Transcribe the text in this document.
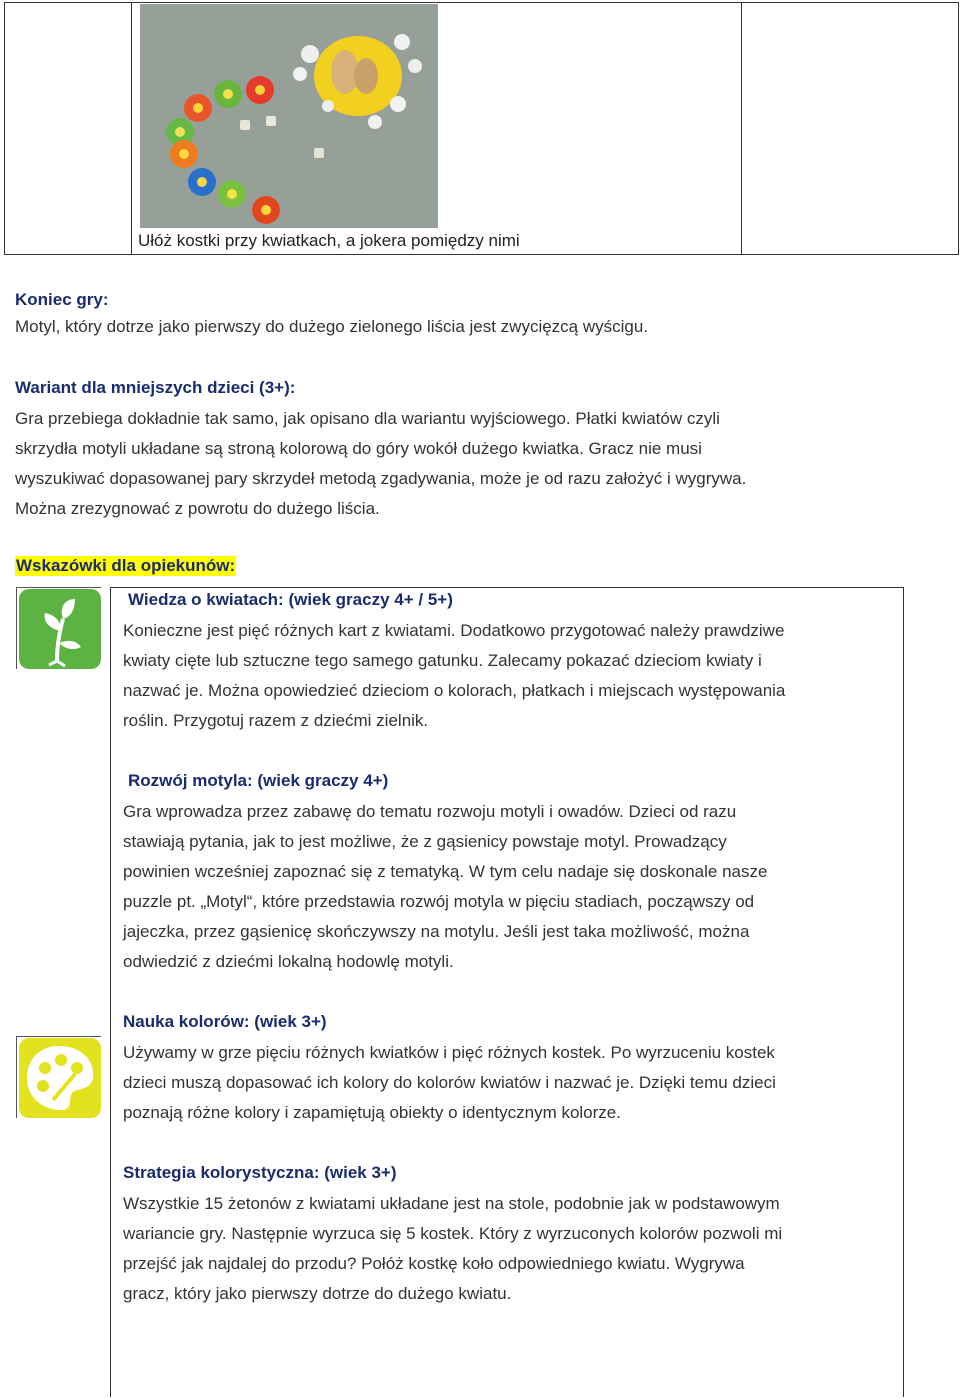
Ułóż kostki przy kwiatkach, a jokera pomiędzy nimi
Koniec gry:
Motyl, który dotrze jako pierwszy do dużego zielonego liścia jest zwycięzcą wyścigu.
Wariant dla mniejszych dzieci (3+):
Gra przebiega dokładnie tak samo, jak opisano dla wariantu wyjściowego. Płatki kwiatów czyli
skrzydła motyli układane są stroną kolorową do góry wokół dużego kwiatka. Gracz nie musi
wyszukiwać dopasowanej pary skrzydeł metodą zgadywania, może je od razu założyć i wygrywa.
Można zrezygnować z powrotu do dużego liścia.
Wskazówki dla opiekunów:
Wiedza o kwiatach: (wiek graczy 4+ / 5+)
Konieczne jest pięć różnych kart z kwiatami. Dodatkowo przygotować należy prawdziwe
kwiaty cięte lub sztuczne tego samego gatunku. Zalecamy pokazać dzieciom kwiaty i
nazwać je. Można opowiedzieć dzieciom o kolorach, płatkach i miejscach występowania
roślin. Przygotuj razem z dziećmi zielnik.
Rozwój motyla: (wiek graczy 4+)
Gra wprowadza przez zabawę do tematu rozwoju motyli i owadów. Dzieci od razu
stawiają pytania, jak to jest możliwe, że z gąsienicy powstaje motyl. Prowadzący
powinien wcześniej zapoznać się z tematyką. W tym celu nadaje się doskonale nasze
puzzle pt. „Motyl“, które przedstawia rozwój motyla w pięciu stadiach, począwszy od
jajeczka, przez gąsienicę skończywszy na motylu. Jeśli jest taka możliwość, można
odwiedzić z dziećmi lokalną hodowlę motyli.
Nauka kolorów: (wiek 3+)
Używamy w grze pięciu różnych kwiatków i pięć różnych kostek. Po wyrzuceniu kostek
dzieci muszą dopasować ich kolory do kolorów kwiatów i nazwać je. Dzięki temu dzieci
poznają różne kolory i zapamiętują obiekty o identycznym kolorze.
Strategia kolorystyczna: (wiek 3+)
Wszystkie 15 żetonów z kwiatami układane jest na stole, podobnie jak w podstawowym
wariancie gry. Następnie wyrzuca się 5 kostek. Który z wyrzuconych kolorów pozwoli mi
przejść jak najdalej do przodu? Połóż kostkę koło odpowiedniego kwiatu. Wygrywa
gracz, który jako pierwszy dotrze do dużego kwiatu.
